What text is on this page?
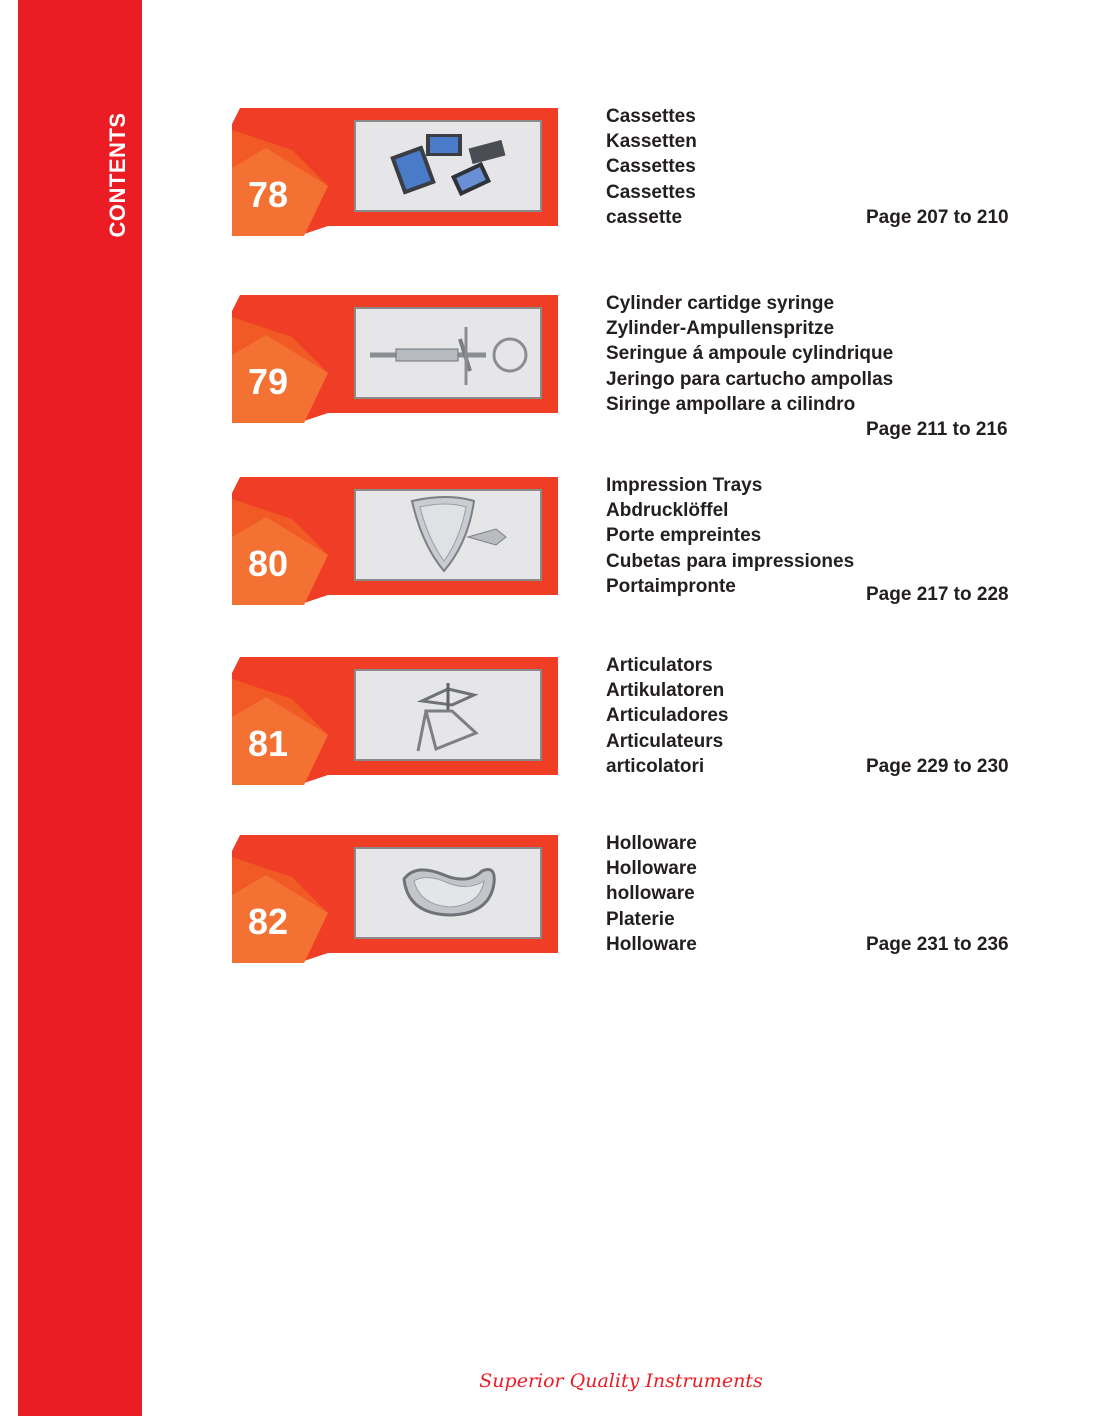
CONTENTS	78
Cassettes
Kassetten
Cassettes
Cassettes
cassette	Page 207 to 210
79
Cylinder cartidge syringe
Zylinder-Ampullenspritze
Seringue á ampoule cylindrique
Jeringo para cartucho ampollas
Siringe ampollare a cilindro
Page 211 to 216
80
Impression Trays
Abdrucklöffel
Porte empreintes
Cubetas para impressiones
Portaimpronte	Page 217 to 228
81
Articulators
Artikulatoren
Articuladores
Articulateurs
articolatori	Page 229 to 230
82
Holloware
Holloware
holloware
Platerie
Holloware	Page 231 to 236
Superior Quality Instruments
